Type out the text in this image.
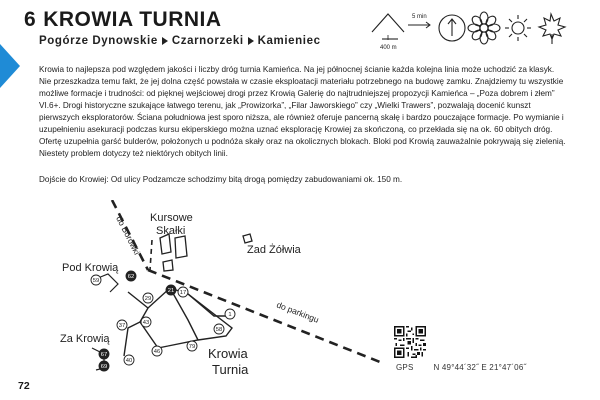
6 KROWIA TURNIA
Pogórze Dynowskie Czarnorzeki Kamieniec
400 m
5 min
Krowia to najlepsza pod względem jakości i liczby dróg turnia Kamieńca. Na jej północnej ścianie każda kolejna linia może uchodzić za klasyk. Nie przeszkadza temu fakt, że jej dolna część powstała w czasie eksploatacji materiału potrzebnego na budowę zamku. Znajdziemy tu wszystkie możliwe formacje i trudności: od pięknej wejściowej drogi przez Krowią Galerię do najtrudniejszej propozycji Kamieńca – „Poza dobrem i złem” VI.6+. Drogi historyczne szukające łatwego terenu, jak „Prowizorka”, „Filar Jaworskiego” czy „Wielki Trawers”, pozwalają docenić kunszt pierwszych eksploratorów. Ściana południowa jest sporo niższa, ale również oferuje pancerną skałę i bardzo pouczające formacje. Po wymianie i uzupełnieniu asekuracji podczas kursu ekiperskiego można uznać eksplorację Krowiej za skończoną, co przekłada się na ok. 60 obitych dróg. Ofertę uzupełnia garść bulderów, położonych u podnóża skały oraz na okolicznych blokach. Bloki pod Krowią zauważalnie pokrywają się zielenią. Niestety problem dotyczy też niektórych obitych linii.
Dojście do Krowiej: Od ulicy Podzamcze schodzimy bitą drogą pomiędzy zabudowaniami ok. 150 m.
do Borówki Kursowe
Skałki
Zad Żółwia
Pod Krowią
Za Krowią
do parkingu
Krowia
Turnia
59
62
29
21 17
1
58
37	43
46
79
67
69
40
GPS	N 49°44´32˝ E 21°47´06˝
72
